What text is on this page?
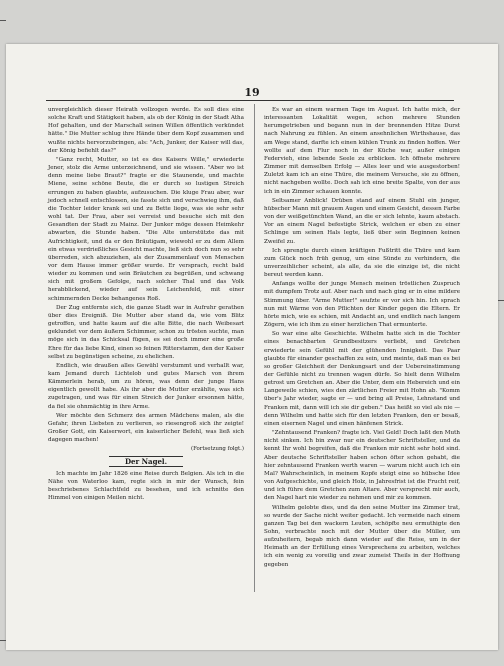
19

unvergleichlich dieser Heirath vollzogen werde. Es soll dies eine solche Kraft und Stätigkeit haben, als ob der König in der Stadt Atha Hof gehalten, und der Marschall seinen Willen öffentlich verkündet hätte." Die Mutter schlug ihre Hände über dem Kopf zusammen und wußte nichts hervorzubringen, als: "Ach, Junker, der Kaiser will das, der König befiehlt das?"

"Ganz recht, Mutter, so ist es des Kaisers Wille," erwiederte Jener, stolz die Arme unterzeichnend, und sie wissen. "Aber wo ist denn meine liebe Braut?" fragte er die Staunende, und machte Miene, seine schöne Beute, die er durch so lustigen Streich errungen zu haben glaubte, aufzusuchen. Die kluge Frau aber, war jedoch schnell entschlossen, sie fasste sich und verschwieg ihm, daß die Tochter leider krank sei und zu Bette liege, was sie sehr sehr wohl tat. Der Frau, aber sei verreist und besuche sich mit den Gesandten der Stadt zu Mainz. Der Junker möge dessen Heimkehr abwarten, die Stunde haben. "Die Alte unterstützte das mit Aufrichtigkeit, und da er den Bräutigam, wiewohl er zu dem Allem ein etwas verdrießliches Gesicht machte, ließ sich doch nun so sehr überreden, sich abzuziehen, als der Zusammenlauf von Menschen vor dem Hause immer größer wurde. Er versprach, recht bald wieder zu kommen und sein Bräutchen zu begrüßen, und schwang sich mit großem Gefolge, nach solcher Thal und das Volk herabblickend, wieder auf sein Leichenfeld, mit einer schimmernden Decke behangenes Roß.

Der Zug entfernte sich, die ganze Stadt war in Aufruhr gerathen über dies Ereigniß. Die Mutter aber stand da, wie vom Blitz getroffen, und hatte kaum auf die alte Bitte, die nach Weibesart geklundet vor dem äußern Schimmer, schon zu trösten suchte, man möge sich in das Schicksal fügen, es sei doch immer eine große Ehre für das liebe Kind, einen so feinen Ritterstamm, den der Kaiser selbst zu begünstigen scheine, zu ehelichen.

Endlich, wie draußen alles Gewühl verstummt und verhallt war, kam Jemand durch Lichtelob und gutes Marsch von ihrem Kämmerlein herab, um zu hören, was denn der junge Hans eigentlich gewollt habe. Als ihr aber die Mutter erzählte, was sich zugetragen, und was für einen Streich der Junker ersonnen hätte, da fiel sie ohnmächtig in ihre Arme.

Wer möchte den Schmerz des armen Mädchens malen, als die Gefahr, ihren Liebsten zu verlieren, so riesengroß sich ihr zeigte! Großer Gott, ein Kaiserwort, ein kaiserlicher Befehl, was ließ sich dagegen machen!

(Fortsetzung folgt.)
Der Nagel.

Ich machte im Jahr 1826 eine Reise durch Belgien. Als ich in die Nähe von Waterloo kam, regte sich in mir der Wunsch, fein beschriebenes Schlachtfeld zu besehen, und ich schnitte den Himmel von einigen Meilen nicht.

Es war an einem warmen Tage im August. Ich hatte mich, der interessanten Lokalität wegen, schon mehrere Stunden herumgetrieben und begann nun in der brennenden Hitze Durst nach Nahrung zu fühlen. An einem ansehnlichen Wirthshause, das am Wege stand, darfte ich einen kühlen Trunk zu finden hoffen. Wer wollte auf dem Flur noch in der Küche war, außer einigen Federvieh, eine lebende Seele zu erblicken. Ich öffnete mehrere Zimmer mit demselben Erfolg — Alles leer und wie ausgestorben! Zuletzt kam ich an eine Thüre, die meinem Versuche, sie zu öffnen, nicht nachgeben wollte. Doch sah ich eine breite Spalte, von der aus ich in ein Zimmer schauen konnte.

Seltsamer Anblick! Drüben stand auf einem Stuhl ein junger, hübscher Mann mit grauem Augen und einem Gesicht, dessen Farbe von der weißgetünchten Wand, an die er sich lehnte, kaum abstach. Vor an einem Nagel befestigte Strick, welchen er eben zu einer Schlinge um seinen Hals legte, ließ über sein Beginnen keinen Zweifel zu.

Ich sprengte durch einen kräftigen Fußtritt die Thüre und kam zum Glück noch früh genug, um eine Sünde zu verhindern, die unverzeihlicher scheint, als alle, da sie die einzige ist, die nicht bereut werden kann.

Anfangs wollte der junge Mensch meinen tröstlichen Zuspruch mit dumpfem Trotz auf. Aber nach und nach ging er in eine mildere Stimmung über. "Arme Mutter!" seufzte er vor sich hin. Ich sprach nun mit Wärme von den Pflichten der Kinder gegen die Eltern. Er hörte mich, wie es schien, mit Andacht an, und endlich nach langem Zögern, wie ich ihm zu einer herzlichen That ermunterte.

So war eine alte Geschichte. Wilhelm hatte sich in die Tochter eines benachbarten Grundbesitzers verliebt, und Gretchen erwiederte sein Gefühl mit der glühenden Innigkeit. Das Paar glaubte für einander geschaffen zu sein, und meinte, daß man es bei so großer Gleichheit der Denkungsart und der Uebereinstimmung der Gefühle nicht zu trennen wagen dürfe. So hielt denn Wilhelm getrost um Gretchen an. Aber die Unter, dem ein Hebereich und ein Langeweile schien, wies den zärtlichen Freier mit Hohn ab. "Komm über's Jahr wieder, sagte er — und bring all Preise, Lehnstand und Franken mit, dann will ich sie dir geben." Das heißt so viel als nie — denn Wilhelm und hatte sich für den letzten Franken, den er besaß, einen eisernen Nagel und einen hänfenen Strick.

"Zehntausend Franken? fragte ich. Viel Geld! Doch laßt den Muth nicht sinken. Ich bin zwar nur ein deutscher Schriftsteller, und da kennt Ihr wohl begreifen, daß die Franken mir nicht sehr hold sind. Aber deutsche Schriftsteller haben schon öfter schon gehabt, die hier zehntausend Franken werth waren — warum nicht auch ich ein Mal? Wahrscheinlich, in meinem Kopfe steigt eine so hübsche Idee von Aufgeschichte, und gleich Holz, in Jahresfrist ist die Frucht reif, und ich führe dem Gretchen zum Altare. Aber versprecht mir auch, den Nagel hart nie wieder zu nehmen und mir zu kommen.

Wilhelm gelobte dies, und da den seine Mutter ins Zimmer trat, so wurde der Sache nicht weiter gedacht. Ich vermeide nach einem ganzen Tag bei den wackern Leuten, schöpfte neu ermuthigte den Sohn, verbrachte noch mit der Mutter über die Müller, um aufzuheitern, begab mich dann wieder auf die Reise, um in der Heimath an der Erfüllung eines Versprechens zu arbeiten, welches ich ein wenig zu voreilig und zwar zumeist Theils in der Hoffnung gegeben
